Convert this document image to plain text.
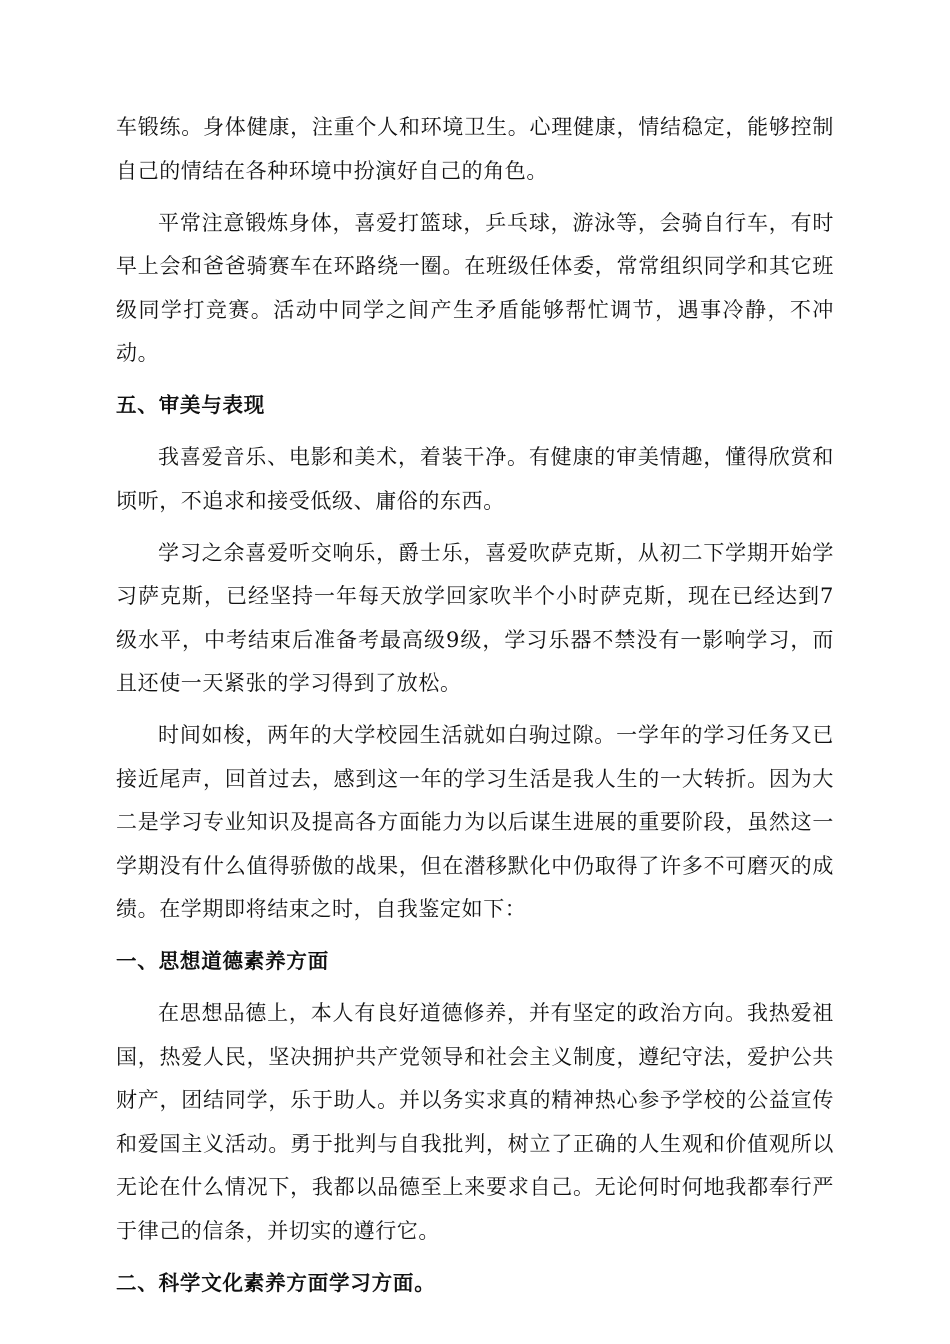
车锻练。身体健康，注重个人和环境卫生。心理健康，情结稳定，能够控制自己的情结在各种环境中扮演好自己的角色。

平常注意锻炼身体，喜爱打篮球，乒乓球，游泳等，会骑自行车，有时早上会和爸爸骑赛车在环路绕一圈。在班级任体委，常常组织同学和其它班级同学打竞赛。活动中同学之间产生矛盾能够帮忙调节，遇事冷静，不冲动。

五、审美与表现

我喜爱音乐、电影和美术，着装干净。有健康的审美情趣，懂得欣赏和顷听，不追求和接受低级、庸俗的东西。

学习之余喜爱听交响乐，爵士乐，喜爱吹萨克斯，从初二下学期开始学习萨克斯，已经坚持一年每天放学回家吹半个小时萨克斯，现在已经达到7级水平，中考结束后准备考最高级9级，学习乐器不禁没有一影响学习，而且还使一天紧张的学习得到了放松。

时间如梭，两年的大学校园生活就如白驹过隙。一学年的学习任务又已接近尾声，回首过去，感到这一年的学习生活是我人生的一大转折。因为大二是学习专业知识及提高各方面能力为以后谋生进展的重要阶段，虽然这一学期没有什么值得骄傲的战果，但在潜移默化中仍取得了许多不可磨灭的成绩。在学期即将结束之时，自我鉴定如下：

一、思想道德素养方面

在思想品德上，本人有良好道德修养，并有坚定的政治方向。我热爱祖国，热爱人民，坚决拥护共产党领导和社会主义制度，遵纪守法，爱护公共财产，团结同学，乐于助人。并以务实求真的精神热心参予学校的公益宣传和爱国主义活动。勇于批判与自我批判，树立了正确的人生观和价值观所以无论在什么情况下，我都以品德至上来要求自己。无论何时何地我都奉行严于律己的信条，并切实的遵行它。

二、科学文化素养方面学习方面。
